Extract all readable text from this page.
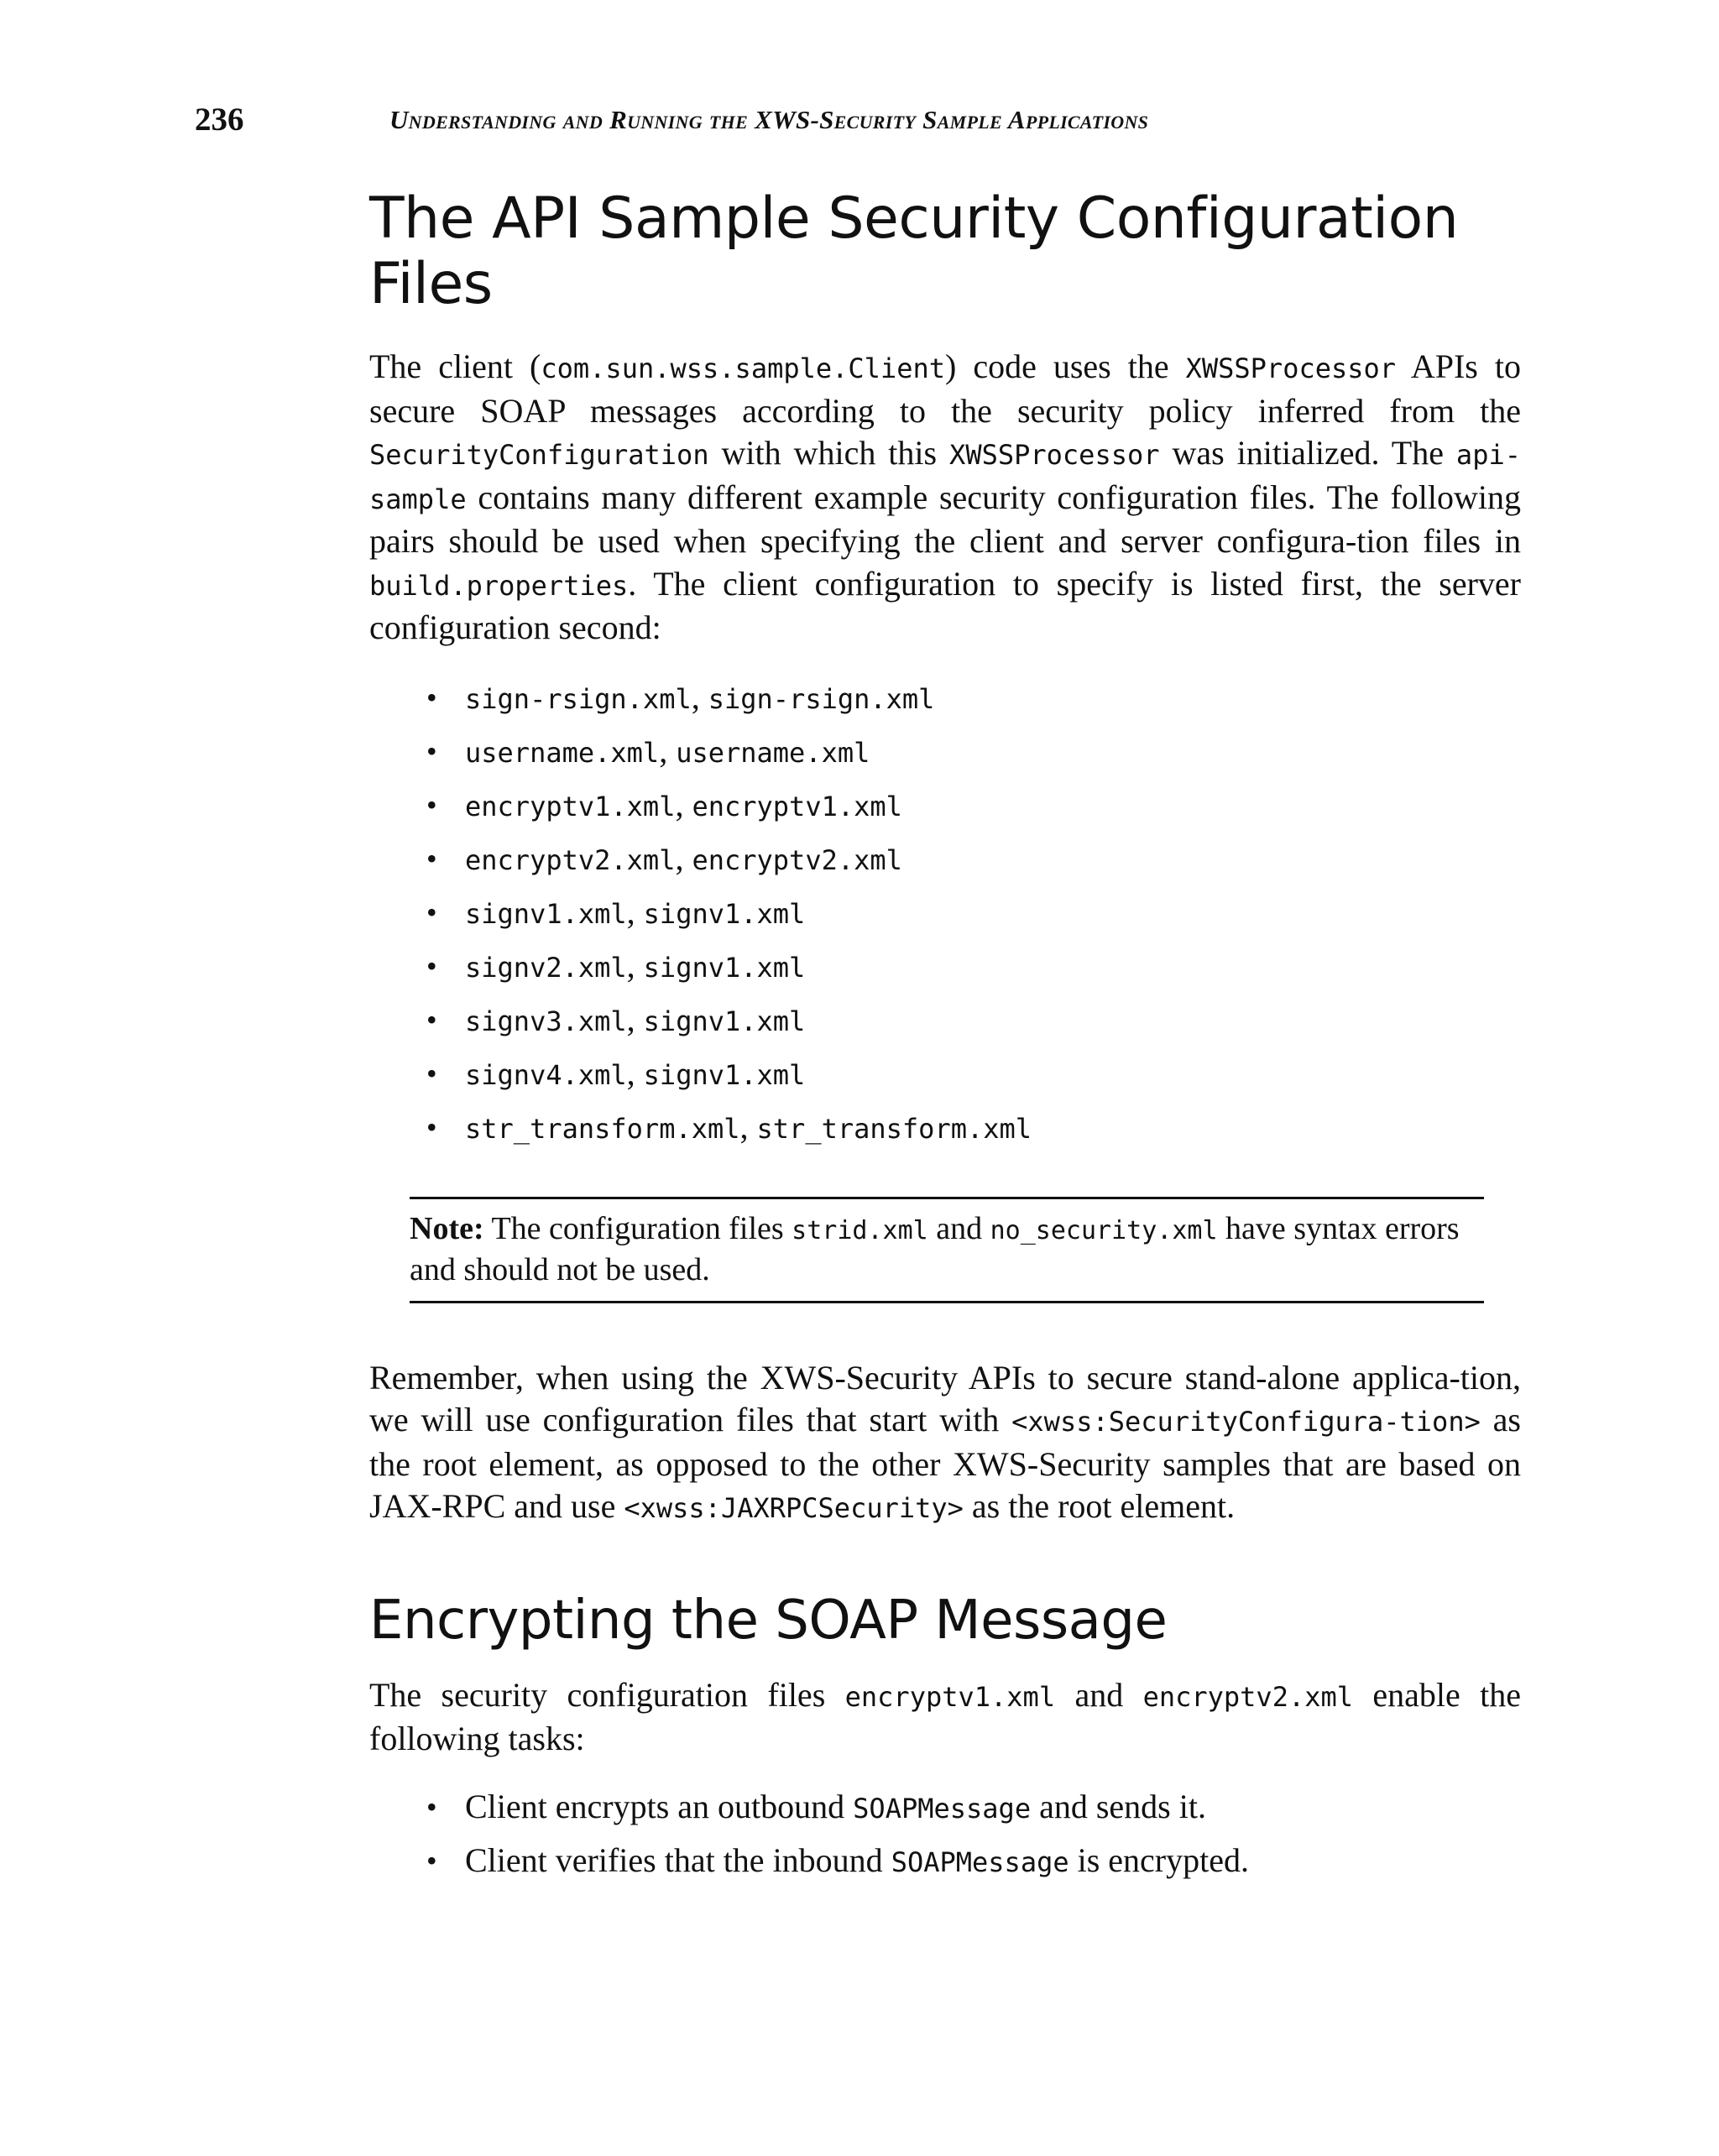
236	Understanding and Running the XWS-Security Sample Applications
The API Sample Security Configuration Files

The client (com.sun.wss.sample.Client) code uses the XWSSProcessor APIs to secure SOAP messages according to the security policy inferred from the SecurityConfiguration with which this XWSSProcessor was initialized. The api-sample contains many different example security configuration files. The following pairs should be used when specifying the client and server configura-tion files in build.properties. The client configuration to specify is listed first, the server configuration second:

• sign-rsign.xml, sign-rsign.xml
• username.xml, username.xml
• encryptv1.xml, encryptv1.xml
• encryptv2.xml, encryptv2.xml
• signv1.xml, signv1.xml
• signv2.xml, signv1.xml
• signv3.xml, signv1.xml
• signv4.xml, signv1.xml
• str_transform.xml, str_transform.xml

Note: The configuration files strid.xml and no_security.xml have syntax errors and should not be used.

Remember, when using the XWS-Security APIs to secure stand-alone applica-tion, we will use configuration files that start with <xwss:SecurityConfigura-tion> as the root element, as opposed to the other XWS-Security samples that are based on JAX-RPC and use <xwss:JAXRPCSecurity> as the root element.

Encrypting the SOAP Message

The security configuration files encryptv1.xml and encryptv2.xml enable the following tasks:

• Client encrypts an outbound SOAPMessage and sends it.
• Client verifies that the inbound SOAPMessage is encrypted.
